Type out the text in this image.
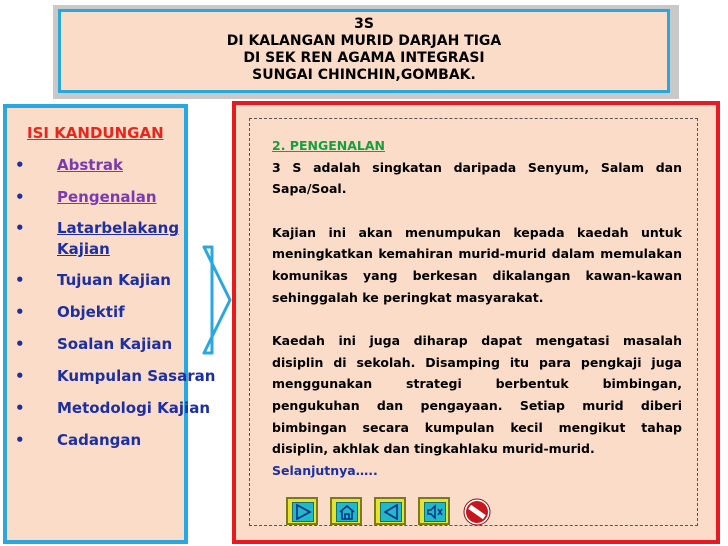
3S
DI KALANGAN MURID DARJAH TIGA
DI SEK REN AGAMA INTEGRASI
SUNGAI CHINCHIN,GOMBAK.
ISI KANDUNGAN
• Abstrak
• Pengenalan
• Latarbelakang Kajian
• Tujuan Kajian
• Objektif
• Soalan Kajian
• Kumpulan Sasaran
• Metodologi Kajian
• Cadangan

2. PENGENALAN

3 S adalah singkatan daripada Senyum, Salam dan Sapa/Soal.

Kajian ini akan menumpukan kepada kaedah untuk meningkatkan kemahiran murid-murid dalam memulakan komunikas yang berkesan dikalangan kawan-kawan sehinggalah ke peringkat masyarakat.

Kaedah ini juga diharap dapat mengatasi masalah disiplin di sekolah. Disamping itu para pengkaji juga menggunakan strategi berbentuk bimbingan, pengukuhan dan pengayaan. Setiap murid diberi bimbingan secara kumpulan kecil mengikut tahap disiplin, akhlak dan tingkahlaku murid-murid.

Selanjutnya…..
